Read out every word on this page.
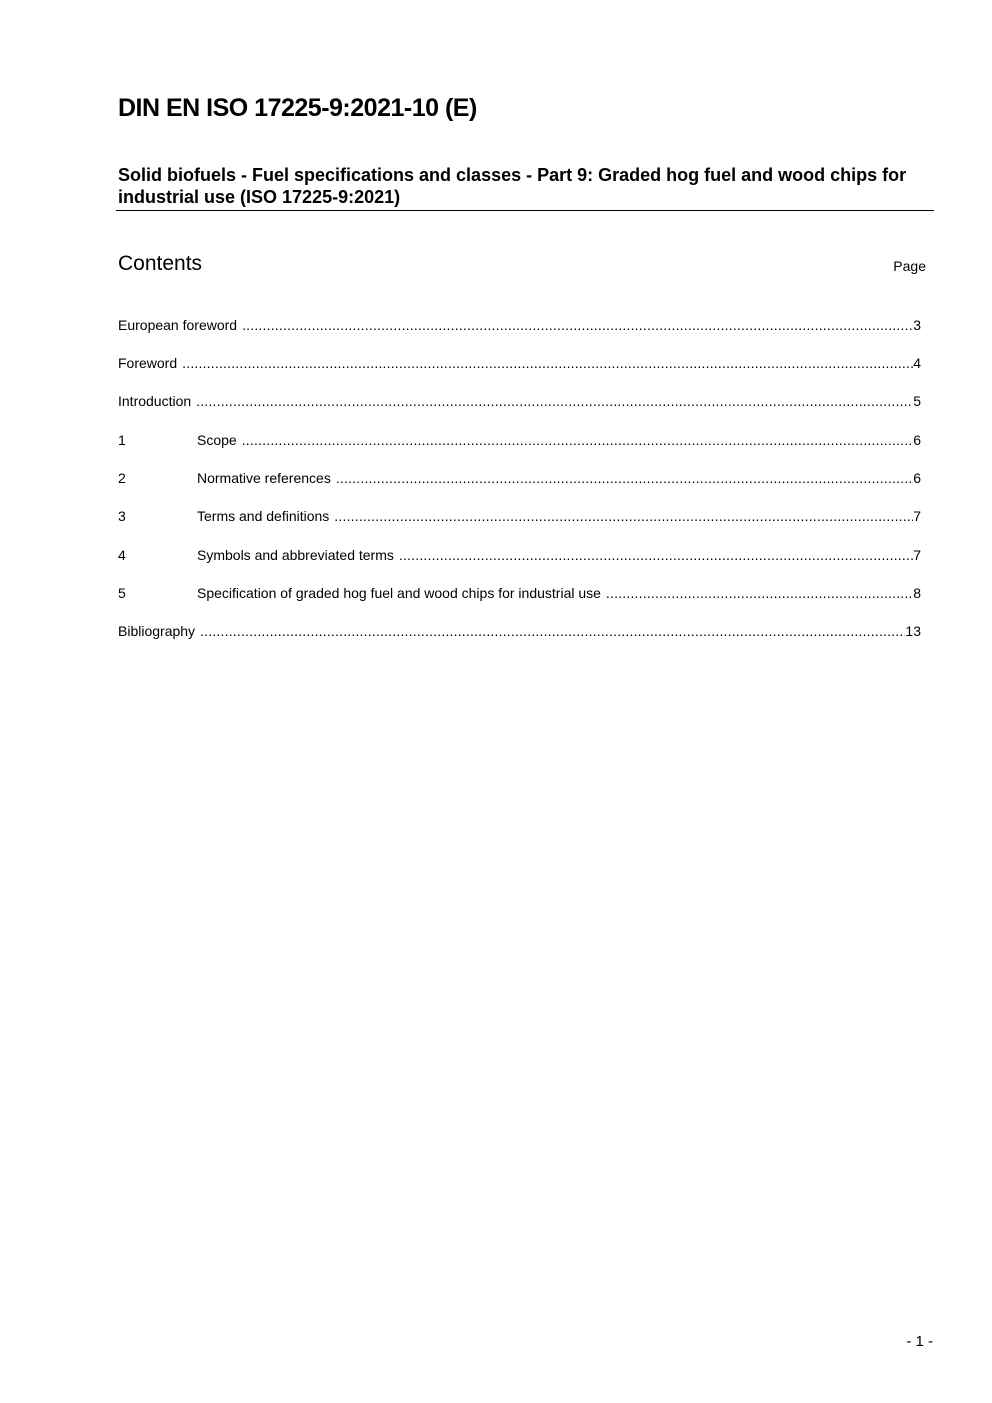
DIN EN ISO 17225-9:2021-10 (E)
Solid biofuels - Fuel specifications and classes - Part 9: Graded hog fuel and wood chips for industrial use (ISO 17225-9:2021)
Contents	Page
European foreword .....	3
Foreword .....	4
Introduction .....	5
1	Scope .....	6
2	Normative references .....	6
3	Terms and definitions .....	7
4	Symbols and abbreviated terms .....	7
5	Specification of graded hog fuel and wood chips for industrial use .....	8
Bibliography .....	13
- 1 -
